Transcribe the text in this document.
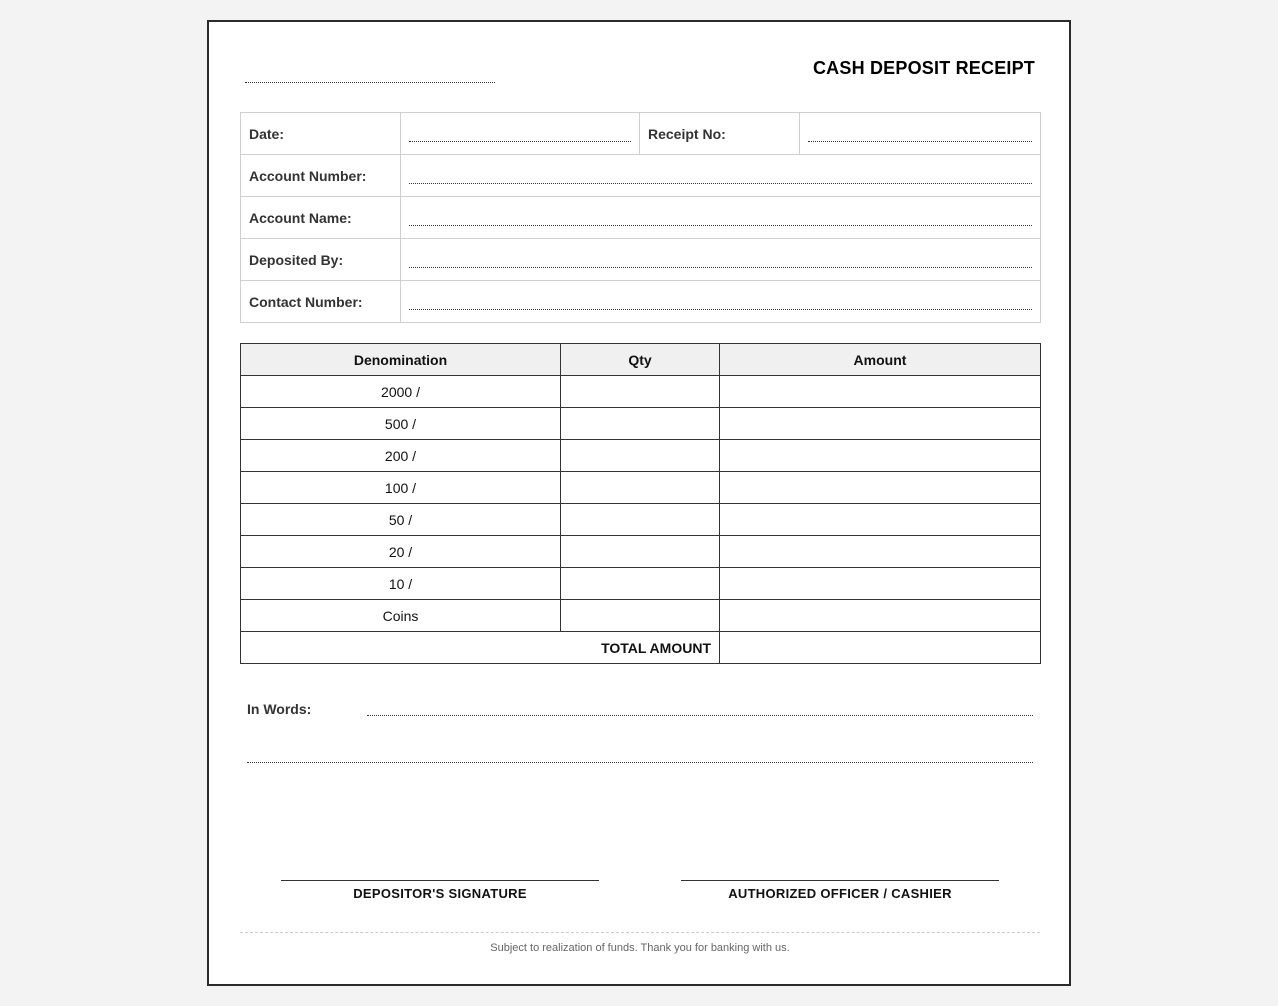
CASH DEPOSIT RECEIPT
Date:		Receipt No:	

Account Number:			

Account Name:			

Deposited By:			

Contact Number:			
Denomination	Qty	Amount
2000 /		
500 /		
200 /		
100 /		
50 /		
20 /		
10 /		
Coins		
TOTAL AMOUNT		
In Words:
DEPOSITOR'S SIGNATURE	AUTHORIZED OFFICER / CASHIER
Subject to realization of funds. Thank you for banking with us.
